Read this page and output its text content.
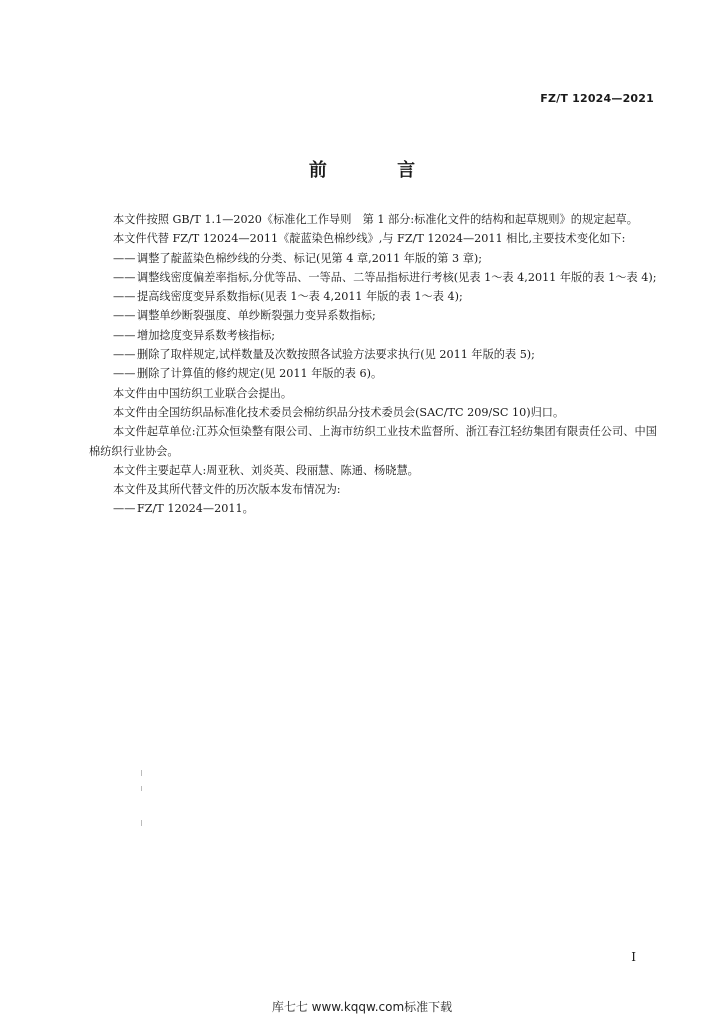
FZ/T 12024—2021
前 言

本文件按照 GB/T 1.1—2020《标准化工作导则　第 1 部分:标准化文件的结构和起草规则》的规定起草。

本文件代替 FZ/T 12024—2011《靛蓝染色棉纱线》,与 FZ/T 12024—2011 相比,主要技术变化如下:

—— 调整了靛蓝染色棉纱线的分类、标记(见第 4 章,2011 年版的第 3 章);

—— 调整线密度偏差率指标,分优等品、一等品、二等品指标进行考核(见表 1～表 4,2011 年版的表 1～表 4);

—— 提高线密度变异系数指标(见表 1～表 4,2011 年版的表 1～表 4);

—— 调整单纱断裂强度、单纱断裂强力变异系数指标;

—— 增加捻度变异系数考核指标;

—— 删除了取样规定,试样数量及次数按照各试验方法要求执行(见 2011 年版的表 5);

—— 删除了计算值的修约规定(见 2011 年版的表 6)。

本文件由中国纺织工业联合会提出。

本文件由全国纺织品标准化技术委员会棉纺织品分技术委员会(SAC/TC 209/SC 10)归口。

本文件起草单位:江苏众恒染整有限公司、上海市纺织工业技术监督所、浙江春江轻纺集团有限责任公司、中国棉纺织行业协会。

本文件主要起草人:周亚秋、刘炎英、段丽慧、陈通、杨晓慧。

本文件及其所代替文件的历次版本发布情况为:

—— FZ/T 12024—2011。

I
库七七 www.kqqw.com标准下载
